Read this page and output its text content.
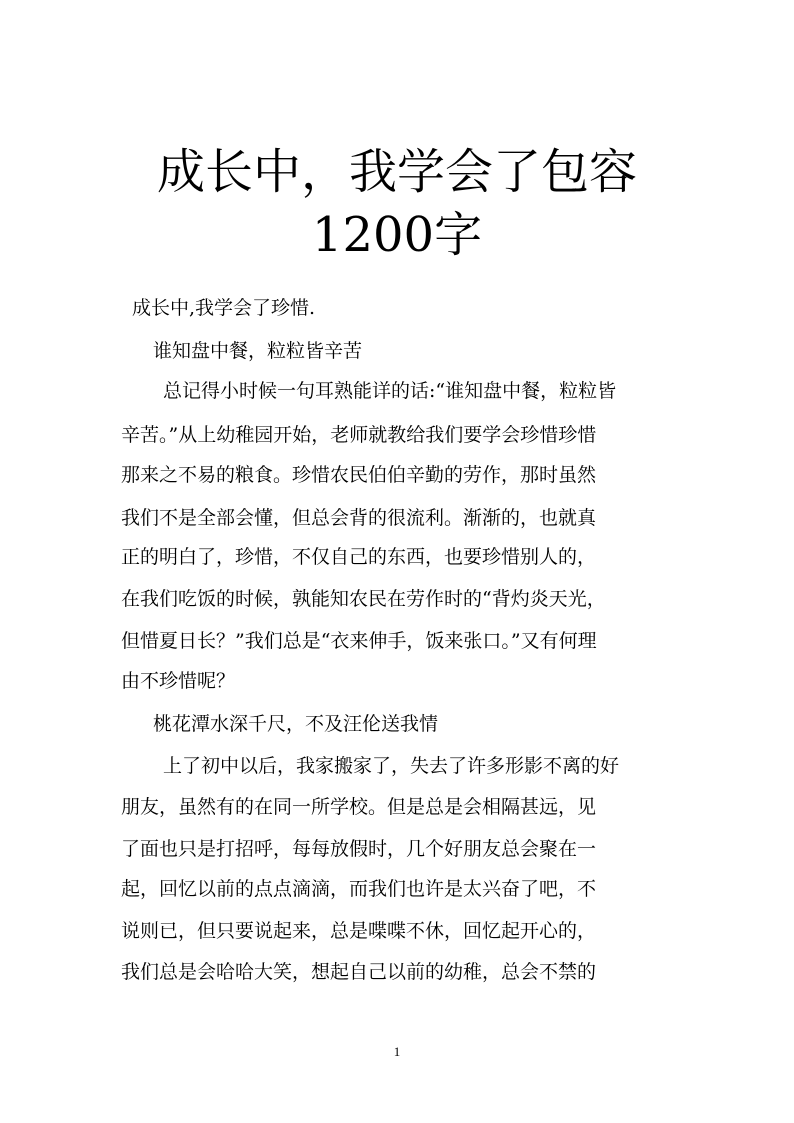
成长中，我学会了包容
1200字

成长中,我学会了珍惜.

谁知盘中餐，粒粒皆辛苦

总记得小时候一句耳熟能详的话:“谁知盘中餐，粒粒皆

辛苦。”从上幼稚园开始，老师就教给我们要学会珍惜珍惜

那来之不易的粮食。珍惜农民伯伯辛勤的劳作，那时虽然

我们不是全部会懂，但总会背的很流利。渐渐的，也就真

正的明白了，珍惜，不仅自己的东西，也要珍惜别人的，

在我们吃饭的时候，孰能知农民在劳作时的“背灼炎天光，

但惜夏日长？”我们总是“衣来伸手，饭来张口。”又有何理

由不珍惜呢？

桃花潭水深千尺，不及汪伦送我情

上了初中以后，我家搬家了，失去了许多形影不离的好

朋友，虽然有的在同一所学校。但是总是会相隔甚远，见

了面也只是打招呼，每每放假时，几个好朋友总会聚在一

起，回忆以前的点点滴滴，而我们也许是太兴奋了吧，不

说则已，但只要说起来，总是喋喋不休，回忆起开心的，

我们总是会哈哈大笑，想起自己以前的幼稚，总会不禁的

1
